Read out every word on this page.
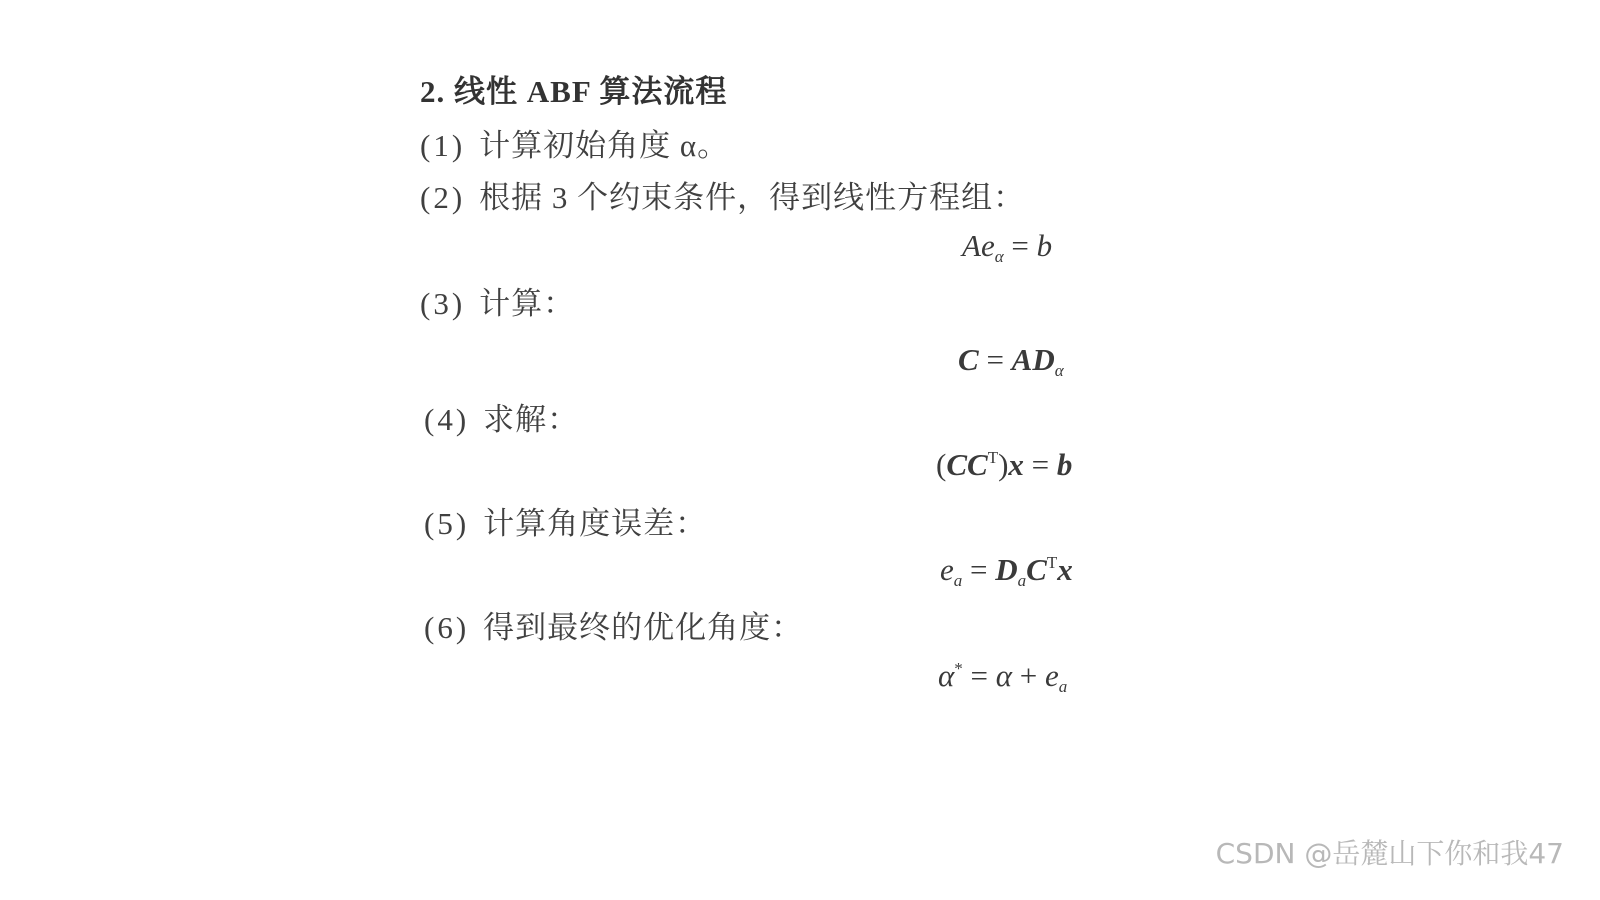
2. 线性 ABF 算法流程
(1) 计算初始角度 α。
(2) 根据 3 个约束条件，得到线性方程组：
$Ae_\alpha = b$
(3) 计算：
$C = AD_\alpha$
(4) 求解：
$(CC^T)x = b$
(5) 计算角度误差：
$e_a = D_aC^Tx$
(6) 得到最终的优化角度：
$\alpha^* = \alpha + e_a$
CSDN @岳麓山下你和我47
